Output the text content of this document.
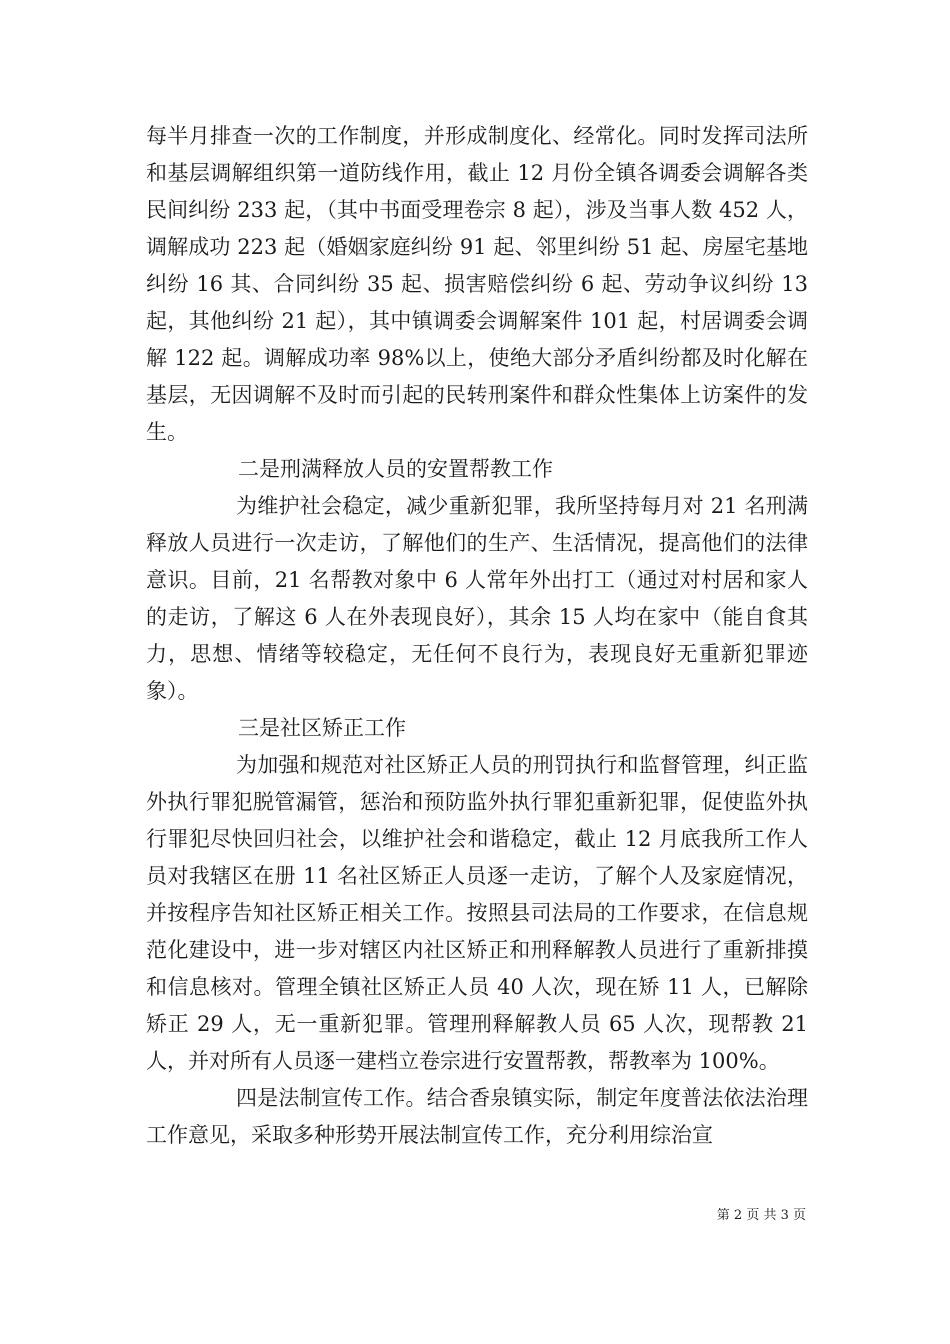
每半月排查一次的工作制度，并形成制度化、经常化。同时发挥司法所和基层调解组织第一道防线作用，截止 12 月份全镇各调委会调解各类民间纠纷 233 起，（其中书面受理卷宗 8 起），涉及当事人数 452 人，调解成功 223 起（婚姻家庭纠纷 91 起、邻里纠纷 51 起、房屋宅基地纠纷 16 其、合同纠纷 35 起、损害赔偿纠纷 6 起、劳动争议纠纷 13 起，其他纠纷 21 起），其中镇调委会调解案件 101 起，村居调委会调解 122 起。调解成功率 98%以上，使绝大部分矛盾纠纷都及时化解在基层，无因调解不及时而引起的民转刑案件和群众性集体上访案件的发生。

二是刑满释放人员的安置帮教工作

为维护社会稳定，减少重新犯罪，我所坚持每月对 21 名刑满释放人员进行一次走访，了解他们的生产、生活情况，提高他们的法律意识。目前，21 名帮教对象中 6 人常年外出打工（通过对村居和家人的走访，了解这 6 人在外表现良好），其余 15 人均在家中（能自食其力，思想、情绪等较稳定，无任何不良行为，表现良好无重新犯罪迹象）。

三是社区矫正工作

为加强和规范对社区矫正人员的刑罚执行和监督管理，纠正监外执行罪犯脱管漏管，惩治和预防监外执行罪犯重新犯罪，促使监外执行罪犯尽快回归社会，以维护社会和谐稳定，截止 12 月底我所工作人员对我辖区在册 11 名社区矫正人员逐一走访，了解个人及家庭情况，并按程序告知社区矫正相关工作。按照县司法局的工作要求，在信息规范化建设中，进一步对辖区内社区矫正和刑释解教人员进行了重新排摸和信息核对。管理全镇社区矫正人员 40 人次，现在矫 11 人，已解除矫正 29 人，无一重新犯罪。管理刑释解教人员 65 人次，现帮教 21 人，并对所有人员逐一建档立卷宗进行安置帮教，帮教率为 100%。

四是法制宣传工作。结合香泉镇实际，制定年度普法依法治理工作意见，采取多种形势开展法制宣传工作，充分利用综治宣

第 2 页 共 3 页
